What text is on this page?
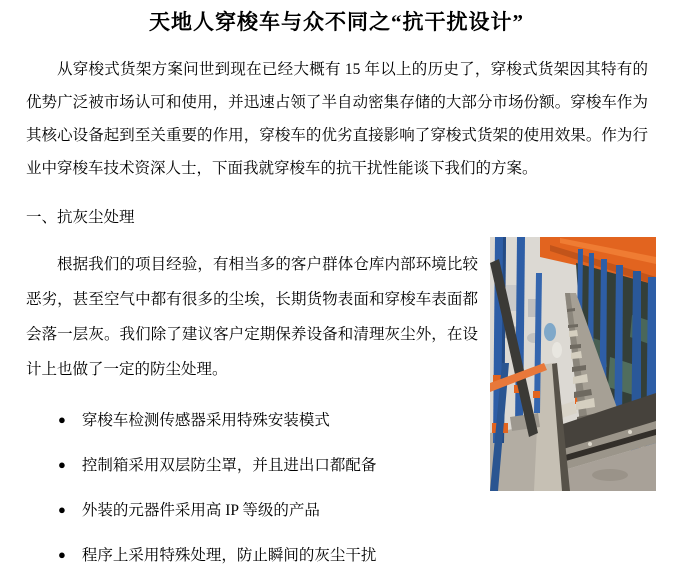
天地人穿梭车与众不同之“抗干扰设计”

从穿梭式货架方案问世到现在已经大概有 15 年以上的历史了，穿梭式货架因其特有的优势广泛被市场认可和使用，并迅速占领了半自动密集存储的大部分市场份额。穿梭车作为其核心设备起到至关重要的作用，穿梭车的优劣直接影响了穿梭式货架的使用效果。作为行业中穿梭车技术资深人士，下面我就穿梭车的抗干扰性能谈下我们的方案。

一、抗灰尘处理

根据我们的项目经验，有相当多的客户群体仓库内部环境比较恶劣，甚至空气中都有很多的尘埃，长期货物表面和穿梭车表面都会落一层灰。我们除了建议客户定期保养设备和清理灰尘外，在设计上也做了一定的防尘处理。

● 穿梭车检测传感器采用特殊安装模式
● 控制箱采用双层防尘罩，并且进出口都配备
● 外装的元器件采用高 IP 等级的产品
● 程序上采用特殊处理，防止瞬间的灰尘干扰
